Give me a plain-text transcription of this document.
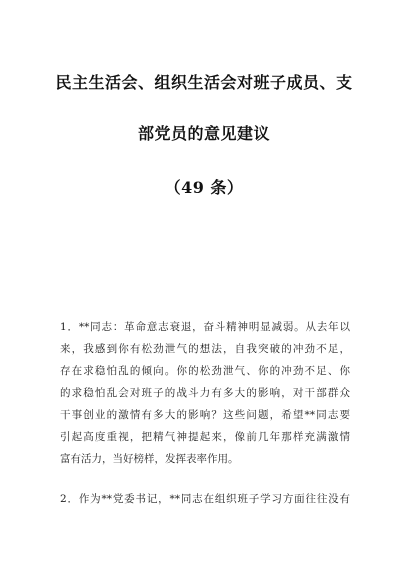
民主生活会、组织生活会对班子成员、支
部党员的意见建议
（49 条）
1．**同志：革命意志衰退，奋斗精神明显减弱。从去年以
来，我感到你有松劲泄气的想法，自我突破的冲劲不足，
存在求稳怕乱的倾向。你的松劲泄气、你的冲劲不足、你
的求稳怕乱会对班子的战斗力有多大的影响，对干部群众
干事创业的激情有多大的影响？这些问题，希望**同志要
引起高度重视，把精气神提起来，像前几年那样充满激情
富有活力，当好榜样，发挥表率作用。
2．作为**党委书记，**同志在组织班子学习方面往往没有
